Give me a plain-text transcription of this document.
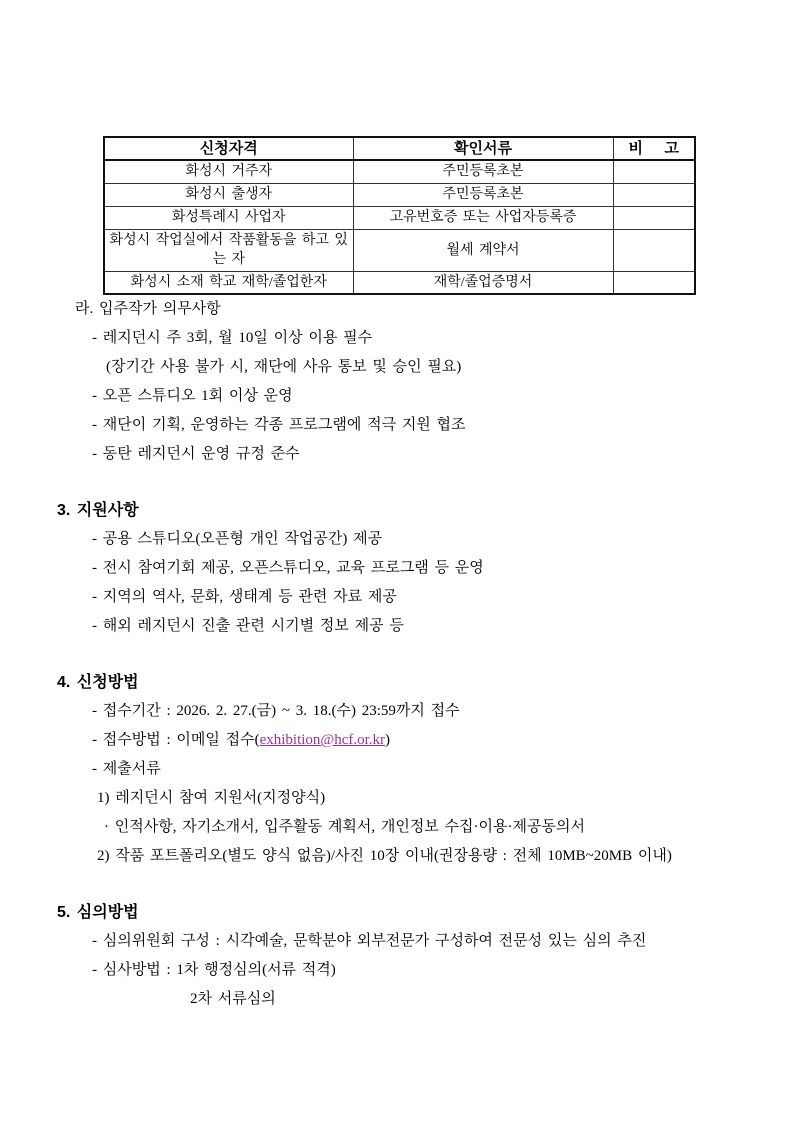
신청자격	확인서류	비 고

화성시 거주자	주민등록초본	
화성시 출생자	주민등록초본	
화성특례시 사업자	고유번호증 또는 사업자등록증	
화성시 작업실에서 작품활동을 하고 있는 자	월세 계약서	
화성시 소재 학교 재학/졸업한자	재학/졸업증명서	
라. 입주작가 의무사항
- 레지던시 주 3회, 월 10일 이상 이용 필수
(장기간 사용 불가 시, 재단에 사유 통보 및 승인 필요)
- 오픈 스튜디오 1회 이상 운영
- 재단이 기획, 운영하는 각종 프로그램에 적극 지원 협조
- 동탄 레지던시 운영 규정 준수
3. 지원사항
- 공용 스튜디오(오픈형 개인 작업공간) 제공
- 전시 참여기회 제공, 오픈스튜디오, 교육 프로그램 등 운영
- 지역의 역사, 문화, 생태계 등 관련 자료 제공
- 해외 레지던시 진출 관련 시기별 정보 제공 등
4. 신청방법
- 접수기간 : 2026. 2. 27.(금) ~ 3. 18.(수) 23:59까지 접수
- 접수방법 : 이메일 접수(exhibition@hcf.or.kr)
- 제출서류
1) 레지던시 참여 지원서(지정양식)
· 인적사항, 자기소개서, 입주활동 계획서, 개인정보 수집·이용·제공동의서
2) 작품 포트폴리오(별도 양식 없음)/사진 10장 이내(권장용량 : 전체 10MB~20MB 이내)
5. 심의방법
- 심의위원회 구성 : 시각예술, 문학분야 외부전문가 구성하여 전문성 있는 심의 추진
- 심사방법 : 1차 행정심의(서류 적격)
2차 서류심의
